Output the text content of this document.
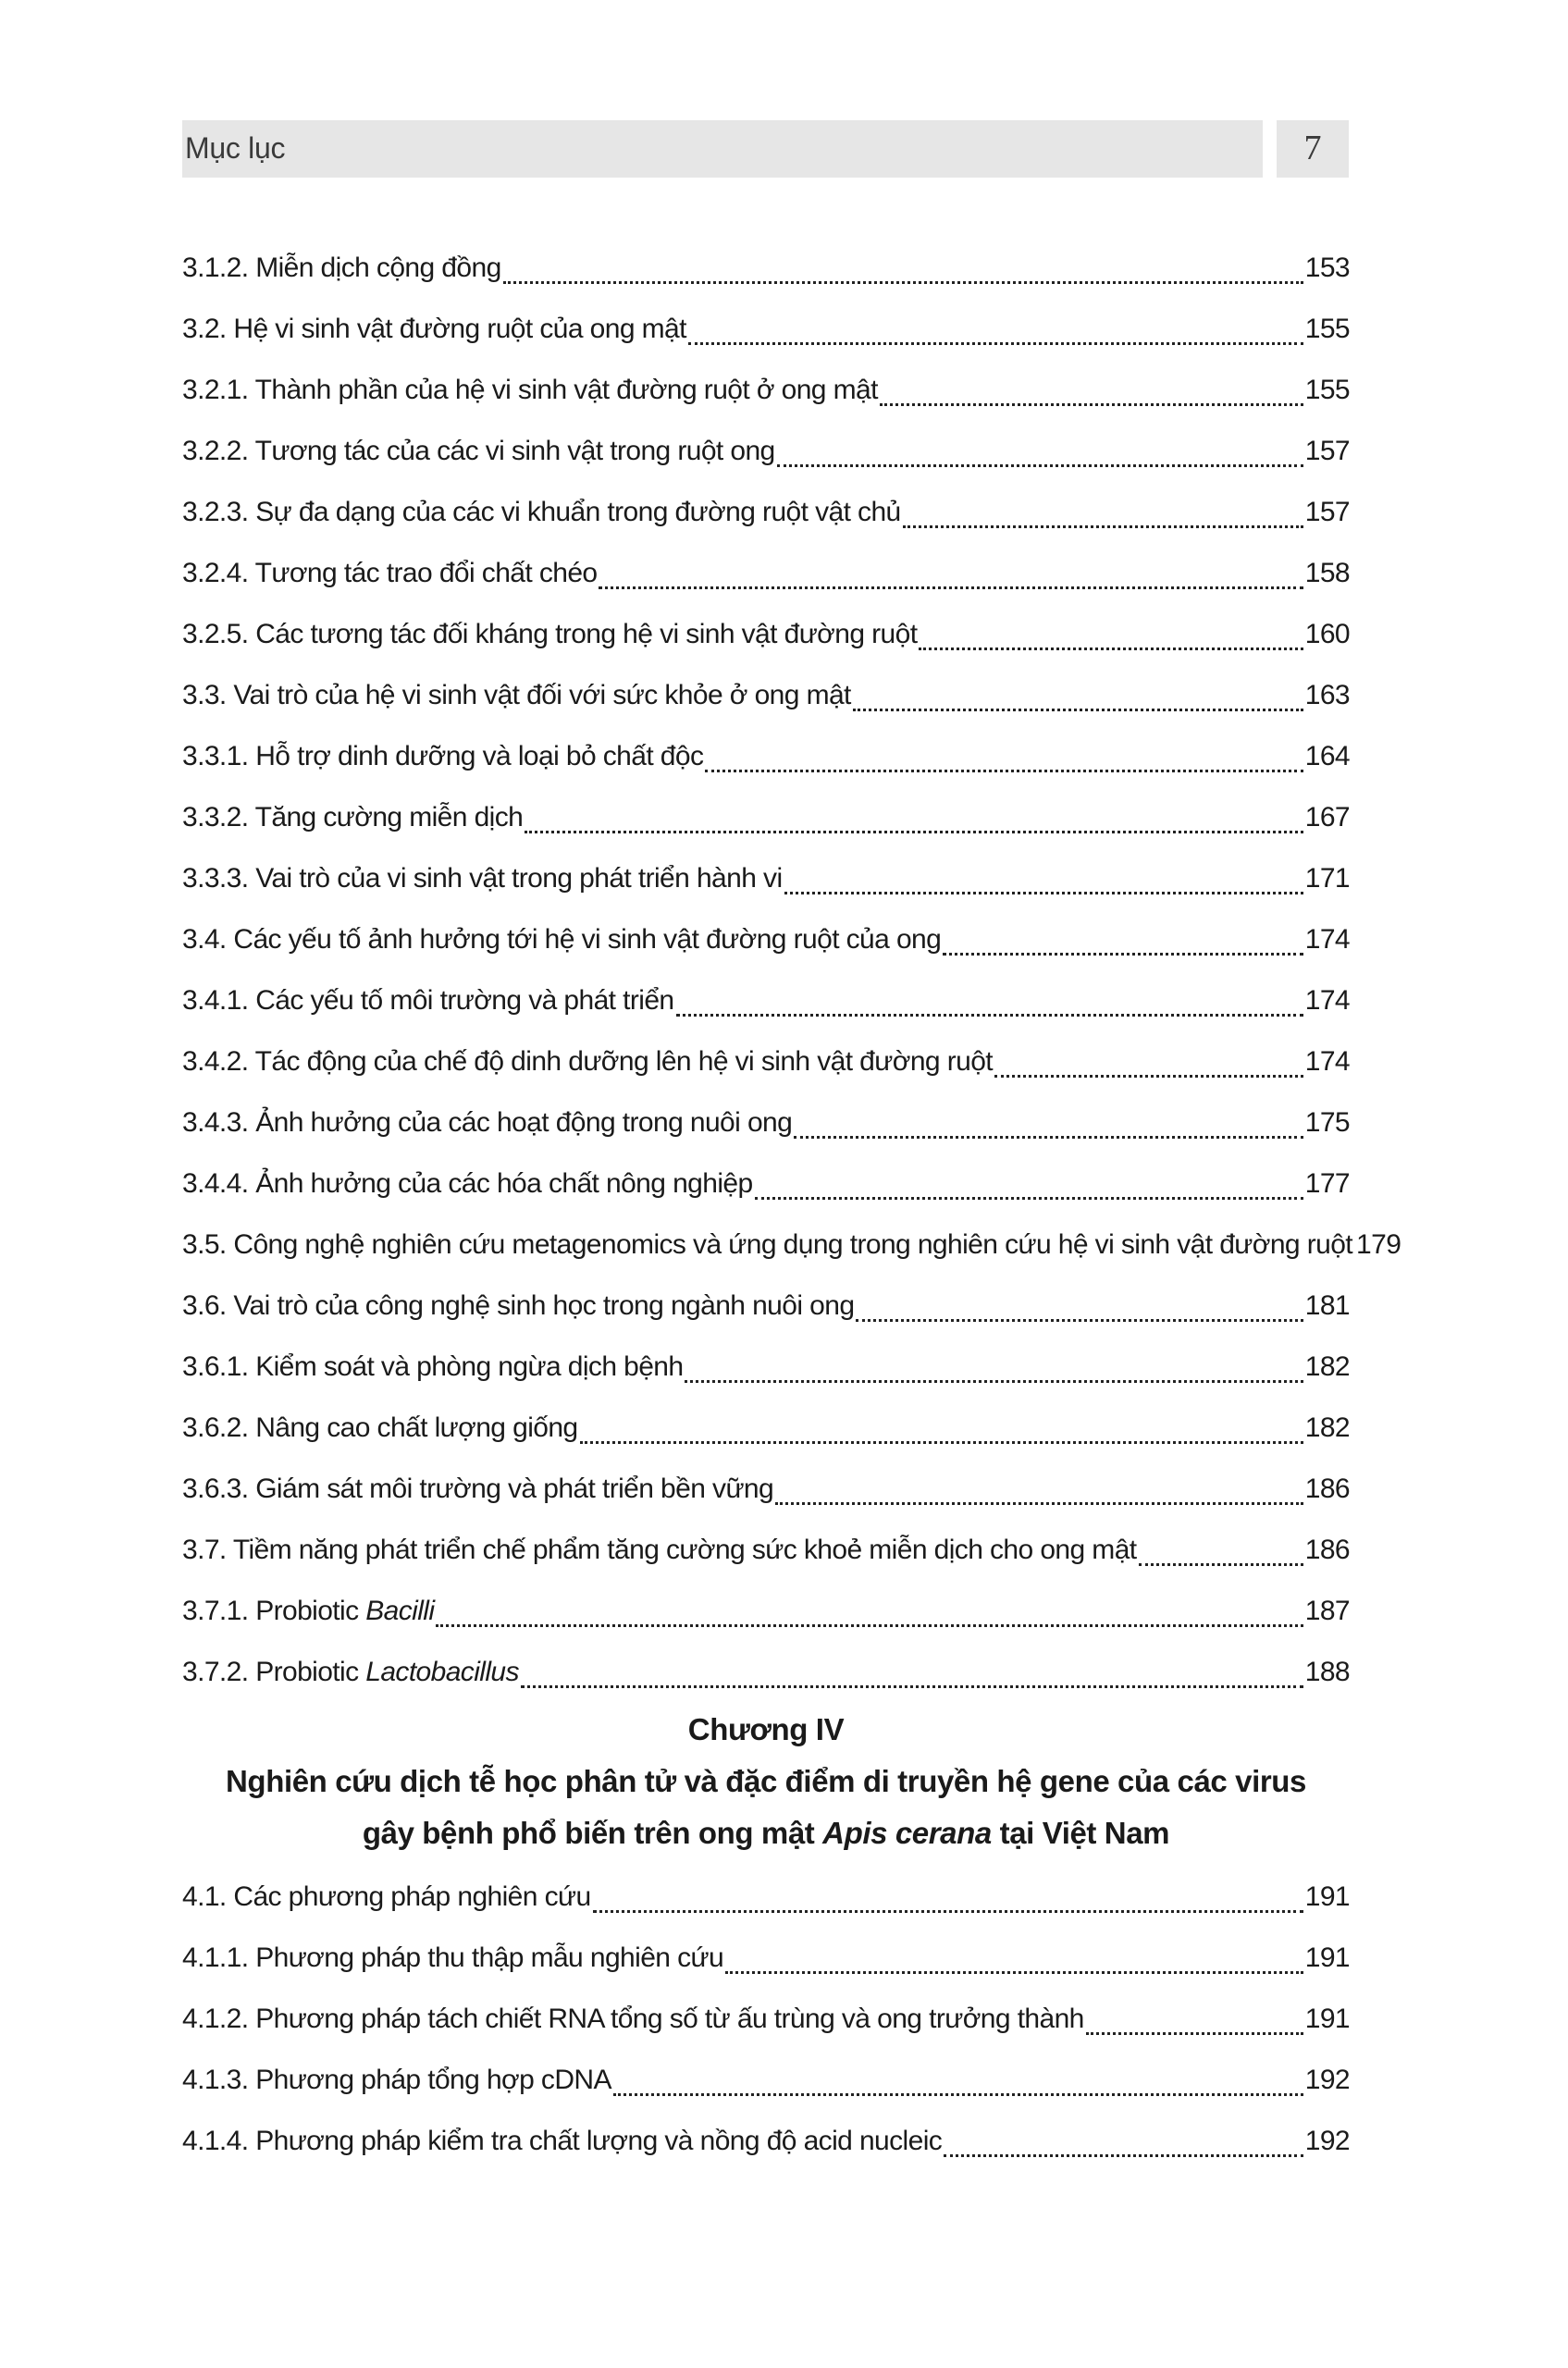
Mục lục	7
3.1.2. Miễn dịch cộng đồng	153
3.2. Hệ vi sinh vật đường ruột của ong mật	155
3.2.1. Thành phần của hệ vi sinh vật đường ruột ở ong mật	155
3.2.2. Tương tác của các vi sinh vật trong ruột ong	157
3.2.3. Sự đa dạng của các vi khuẩn trong đường ruột vật chủ	157
3.2.4. Tương tác trao đổi chất chéo	158
3.2.5. Các tương tác đối kháng trong hệ vi sinh vật đường ruột	160
3.3. Vai trò của hệ vi sinh vật đối với sức khỏe ở ong mật	163
3.3.1. Hỗ trợ dinh dưỡng và loại bỏ chất độc	164
3.3.2. Tăng cường miễn dịch	167
3.3.3. Vai trò của vi sinh vật trong phát triển hành vi	171
3.4. Các yếu tố ảnh hưởng tới hệ vi sinh vật đường ruột của ong	174
3.4.1. Các yếu tố môi trường và phát triển	174
3.4.2. Tác động của chế độ dinh dưỡng lên hệ vi sinh vật đường ruột	174
3.4.3. Ảnh hưởng của các hoạt động trong nuôi ong	175
3.4.4. Ảnh hưởng của các hóa chất nông nghiệp	177
3.5. Công nghệ nghiên cứu metagenomics và ứng dụng trong nghiên cứu hệ vi sinh vật đường ruột 179
3.6. Vai trò của công nghệ sinh học trong ngành nuôi ong	181
3.6.1. Kiểm soát và phòng ngừa dịch bệnh	182
3.6.2. Nâng cao chất lượng giống	182
3.6.3. Giám sát môi trường và phát triển bền vững	186
3.7. Tiềm năng phát triển chế phẩm tăng cường sức khoẻ miễn dịch cho ong mật	186
3.7.1. Probiotic Bacilli	187
3.7.2. Probiotic Lactobacillus	188
Chương IV
Nghiên cứu dịch tễ học phân tử và đặc điểm di truyền hệ gene của các virus
gây bệnh phổ biến trên ong mật Apis cerana tại Việt Nam
4.1. Các phương pháp nghiên cứu	191
4.1.1. Phương pháp thu thập mẫu nghiên cứu	191
4.1.2. Phương pháp tách chiết RNA tổng số từ ấu trùng và ong trưởng thành	191
4.1.3. Phương pháp tổng hợp cDNA	192
4.1.4. Phương pháp kiểm tra chất lượng và nồng độ acid nucleic	192
